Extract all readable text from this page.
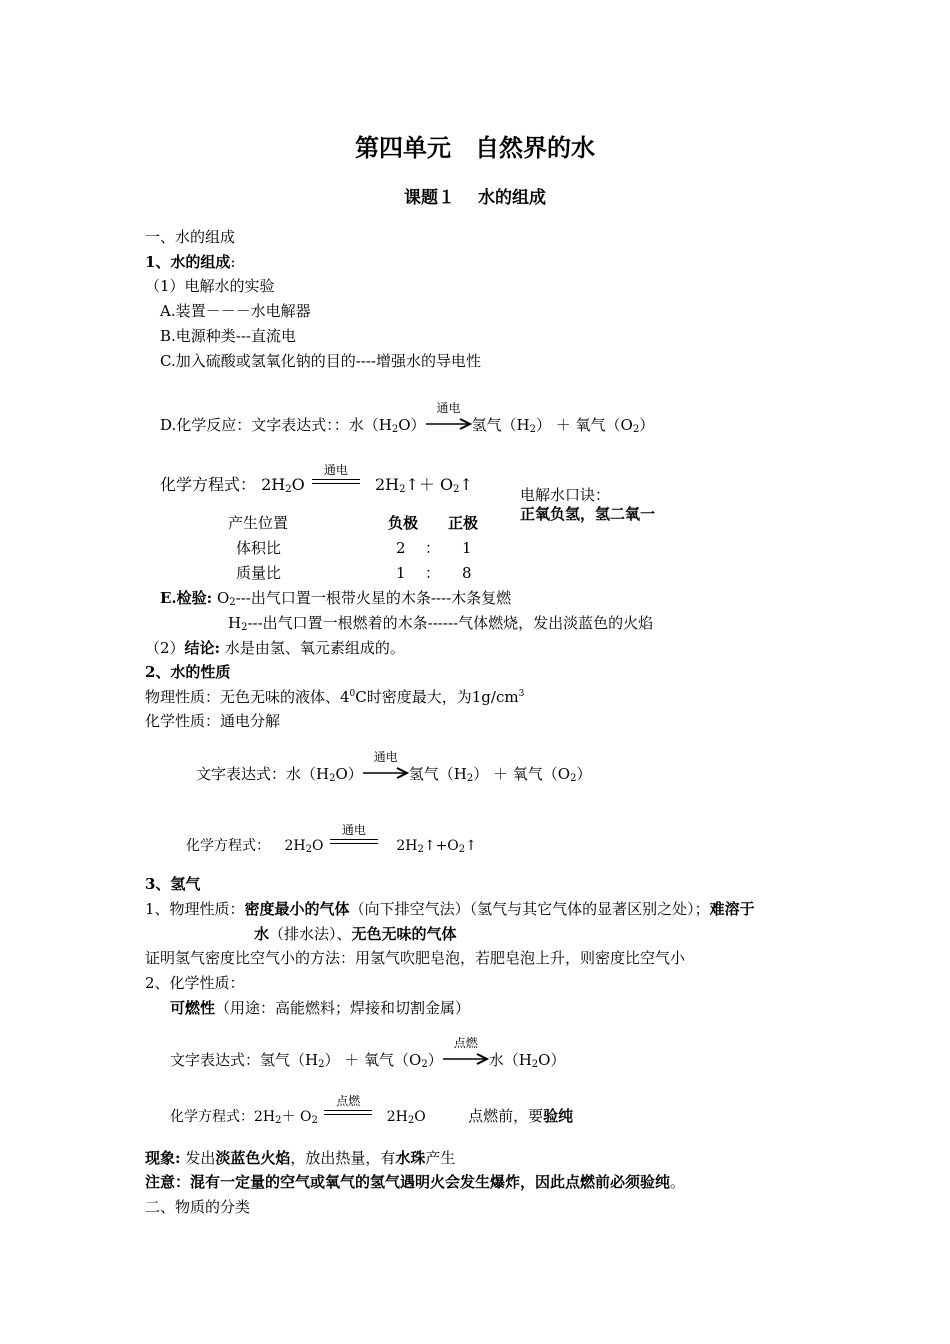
第四单元　自然界的水
课题１　 水的组成
一、水的组成
1、水的组成:
（1）电解水的实验
A.装置－－－水电解器
B.电源种类---直流电
C.加入硫酸或氢氧化钠的目的----增强水的导电性
D.化学反应：文字表达式：：水$(H_2O)$
通电
氢气$(H_2)$ ＋ 氧气$(O_2)$
化学方程式： $2H_2O$
通电
$2H_2↑+$ $O_2↑$
电解水口诀：
正氧负氢，氢二氧一
产生位置	负极 正极
体积比	2 ： 1
质量比	1 ： 8
E.检验: $O_2---$出气口置一根带火星的木条----木条复燃
$H_2---$出气口置一根燃着的木条------气体燃烧，发出淡蓝色的火焰
（2）结论: 水是由氢、氧元素组成的。
2、水的性质
物理性质：无色无味的液体、$4^0C$时密度最大，为$1g/cm^3$
化学性质：通电分解
文字表达式：水$(H_2O)$
通电
氢气$(H_2)$ ＋ 氧气$(O_2)$
化学方程式： $2H_2O$
通电
$2H_2↑+O_2↑$
3、氢气
1、物理性质：密度最小的气体（向下排空气法）（氢气与其它气体的显著区别之处）；难溶于
水（排水法）、无色无味的气体
证明氢气密度比空气小的方法：用氢气吹肥皂泡，若肥皂泡上升，则密度比空气小
2、化学性质：
可燃性（用途：高能燃料；焊接和切割金属）
文字表达式：氢气$(H_2)$ ＋ 氧气$(O_2)$
点燃
水$(H_2O)$
化学方程式：$2H_2+ O_2$
点燃
$2H_2O$	点燃前，要验纯
现象: 发出淡蓝色火焰，放出热量，有水珠产生
注意：混有一定量的空气或氧气的氢气遇明火会发生爆炸，因此点燃前必须验纯。
二、物质的分类
